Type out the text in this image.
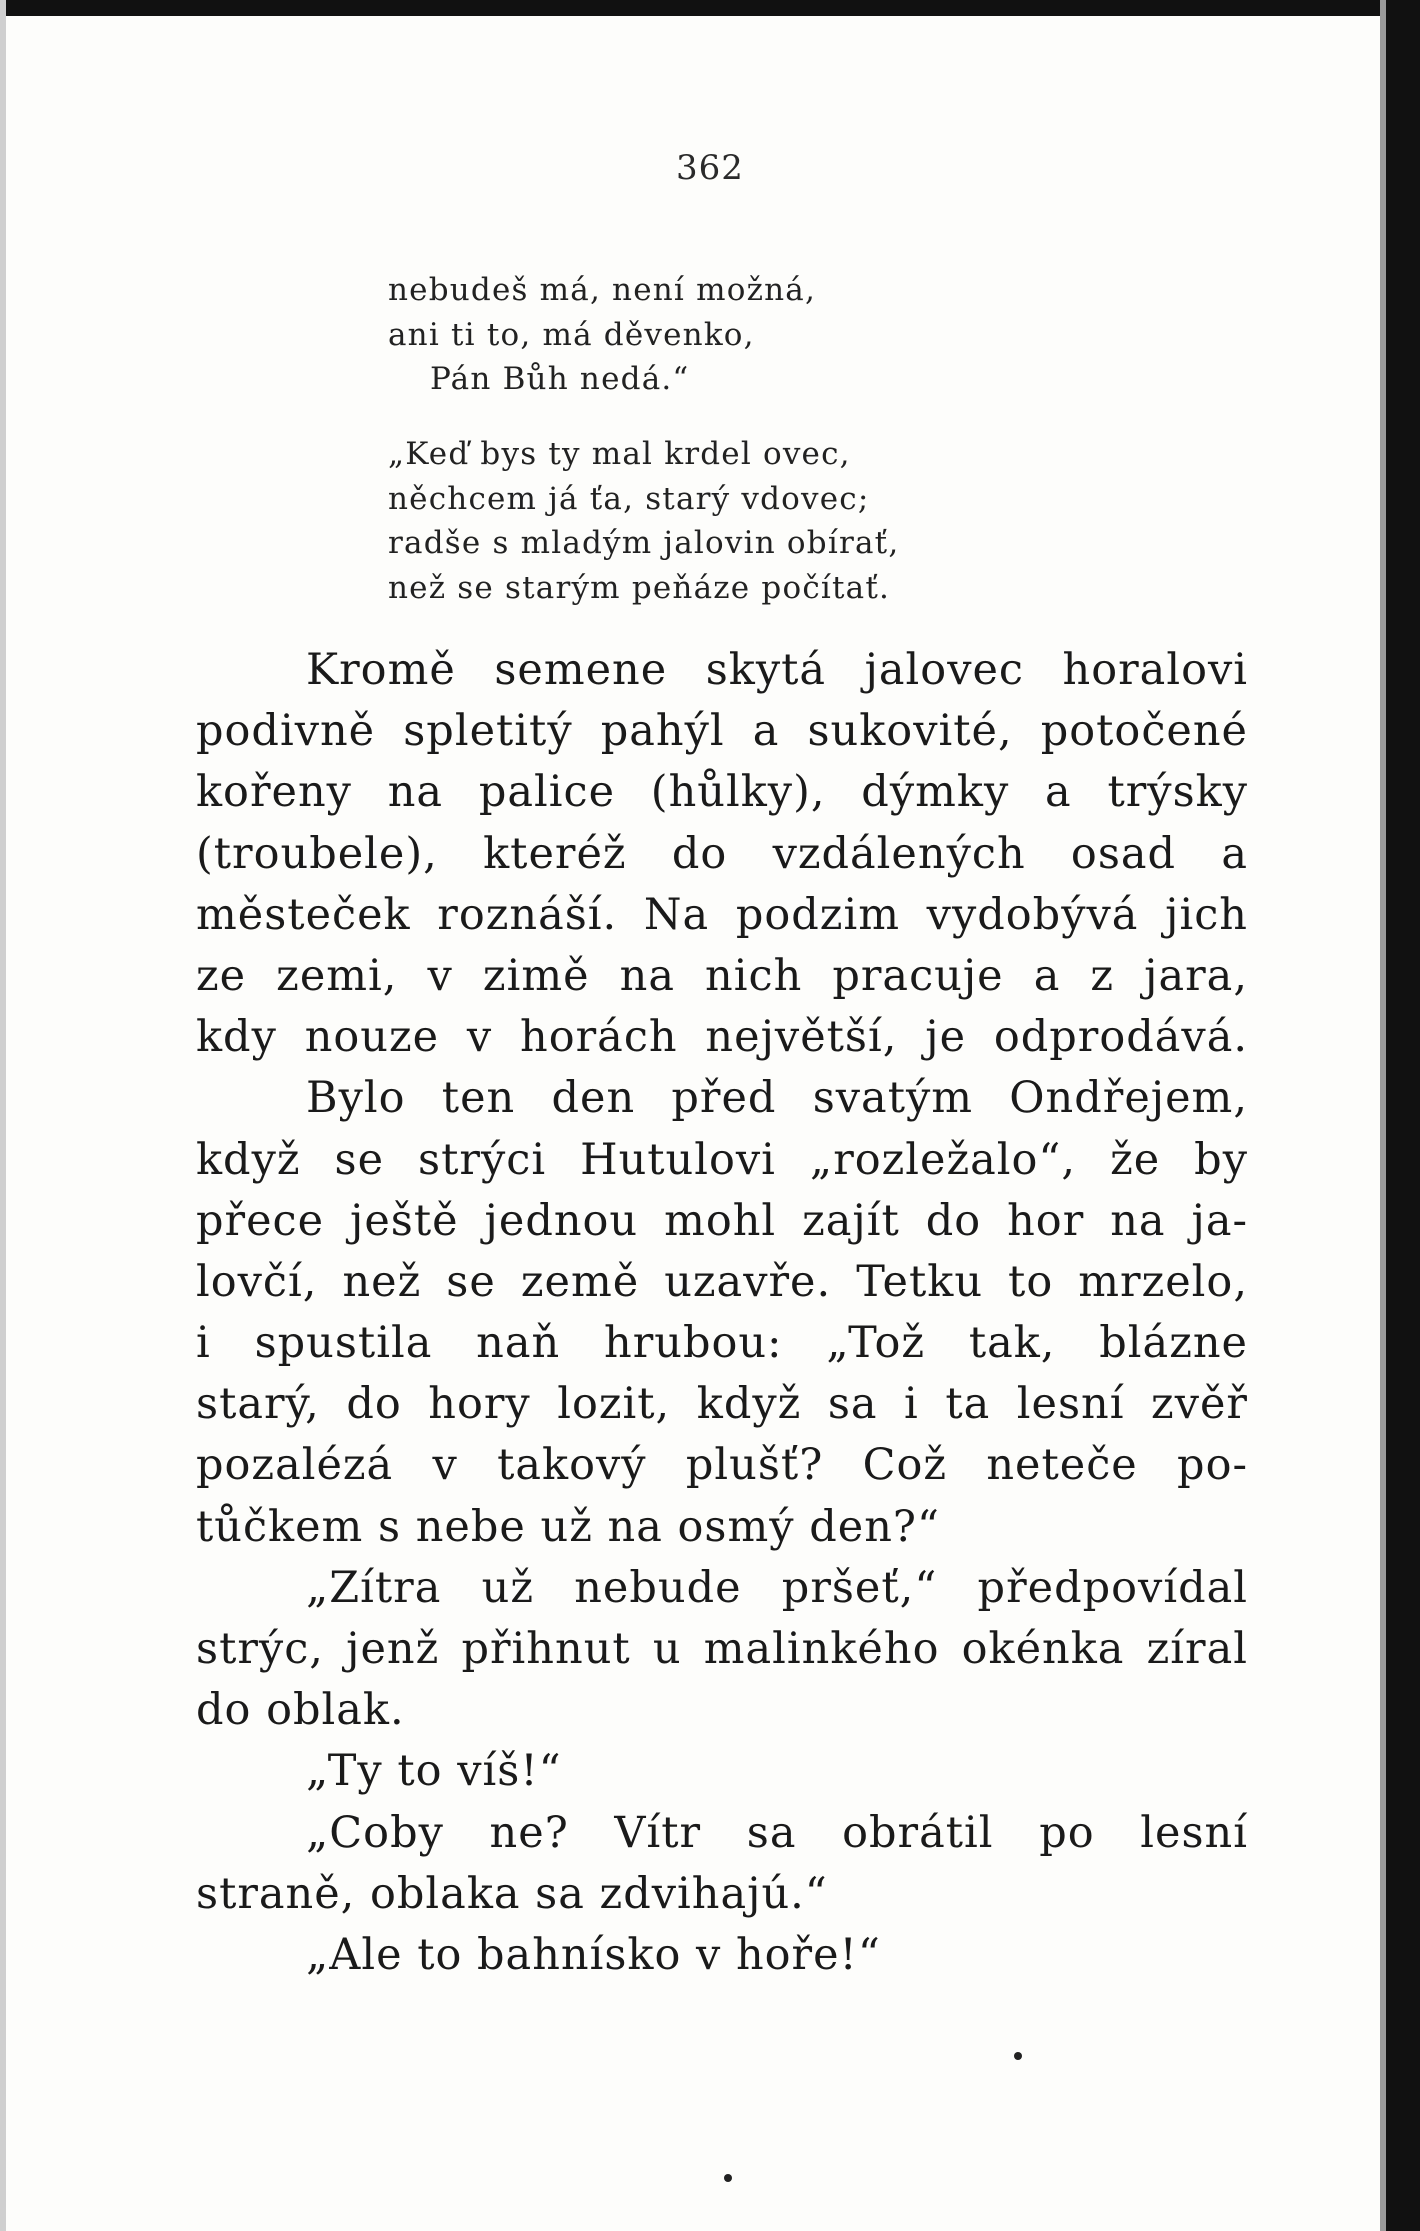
362
nebudeš má, není možná,
ani ti to, má děvenko,
Pán Bůh nedá.“
„Keď bys ty mal krdel ovec,
něchcem já ťa, starý vdovec;
radše s mladým jalovin obírať,
než se starým peňáze počítať.
Kromě semene skytá jalovec horalovi
podivně spletitý pahýl a sukovité, potočené
kořeny na palice (hůlky), dýmky a trýsky
(troubele), kteréž do vzdálených osad a
městeček roznáší. Na podzim vydobývá jich
ze zemi, v zimě na nich pracuje a z jara,
kdy nouze v horách největší, je odprodává.
Bylo ten den před svatým Ondřejem,
když se strýci Hutulovi „rozležalo“, že by
přece ještě jednou mohl zajít do hor na ja-
lovčí, než se země uzavře. Tetku to mrzelo,
i spustila naň hrubou: „Tož tak, blázne
starý, do hory lozit, když sa i ta lesní zvěř
pozalézá v takový plušť? Což neteče po-
tůčkem s nebe už na osmý den?“
„Zítra už nebude pršeť,“ předpovídal
strýc, jenž přihnut u malinkého okénka zíral
do oblak.
„Ty to víš!“
„Coby ne? Vítr sa obrátil po lesní
straně, oblaka sa zdvihajú.“
„Ale to bahnísko v hoře!“
